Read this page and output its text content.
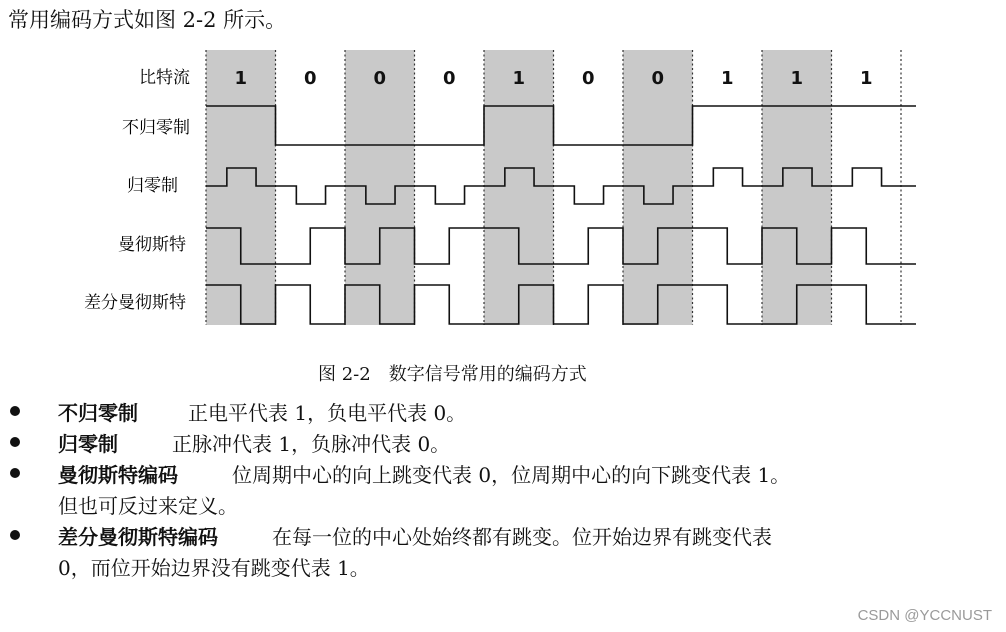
常用编码方式如图 2-2 所示。
比特流
不归零制
归零制
曼彻斯特
差分曼彻斯特
1	0	0	0	1	0	0	1	1	1
图 2-2 数字信号常用的编码方式
不归零制	正电平代表 1，负电平代表 0。
归零制	正脉冲代表 1，负脉冲代表 0。
曼彻斯特编码	位周期中心的向上跳变代表 0，位周期中心的向下跳变代表 1。
但也可反过来定义。
差分曼彻斯特编码	在每一位的中心处始终都有跳变。位开始边界有跳变代表
0，而位开始边界没有跳变代表 1。
CSDN @YCCNUST
